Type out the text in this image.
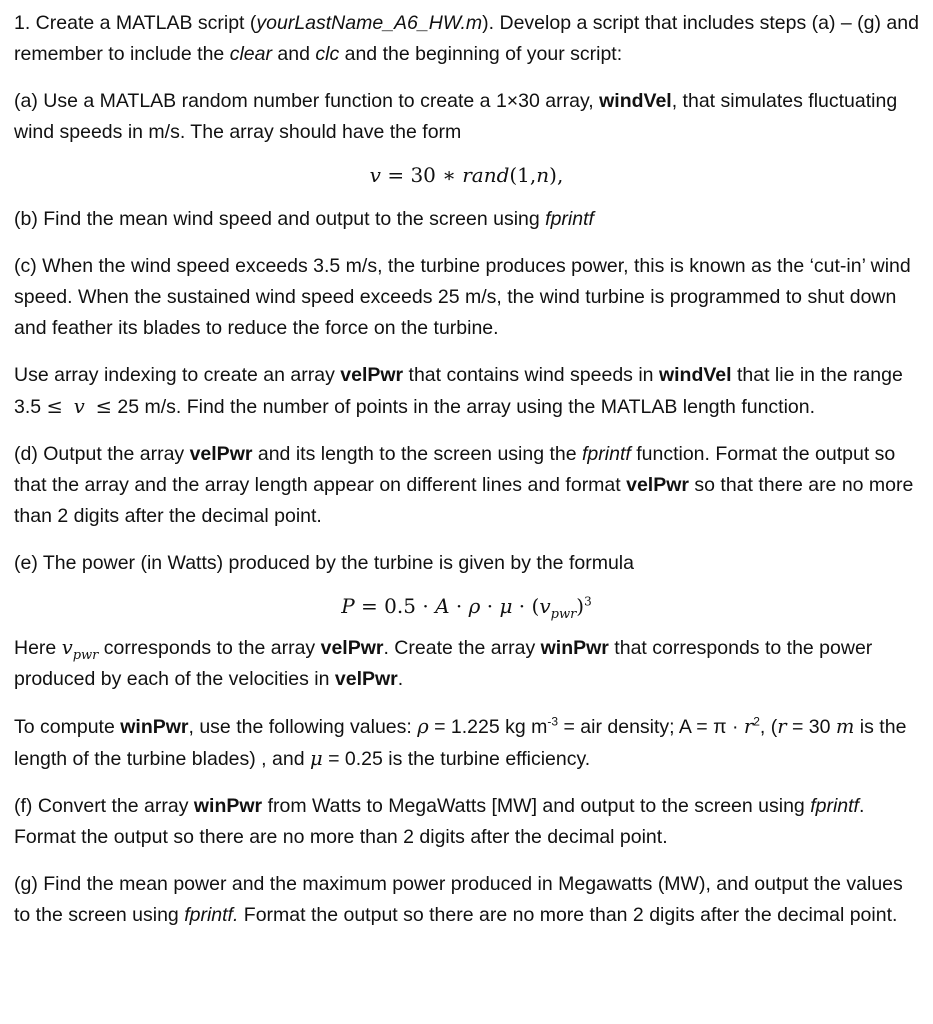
1. Create a MATLAB script (yourLastName_A6_HW.m). Develop a script that includes steps (a) – (g) and remember to include the clear and clc and the beginning of your script:

(a) Use a MATLAB random number function to create a 1×30 array, windVel, that simulates fluctuating wind speeds in m/s. The array should have the form

v = 30 ∗ rand(1,n),

(b) Find the mean wind speed and output to the screen using fprintf

(c) When the wind speed exceeds 3.5 m/s, the turbine produces power, this is known as the ‘cut-in’ wind speed. When the sustained wind speed exceeds 25 m/s, the wind turbine is programmed to shut down and feather its blades to reduce the force on the turbine.

Use array indexing to create an array velPwr that contains wind speeds in windVel that lie in the range 3.5 ≤ v ≤ 25 m/s. Find the number of points in the array using the MATLAB length function.

(d) Output the array velPwr and its length to the screen using the fprintf function. Format the output so that the array and the array length appear on different lines and format velPwr so that there are no more than 2 digits after the decimal point.

(e) The power (in Watts) produced by the turbine is given by the formula

$P = 0.5 \cdot A \cdot \rho \cdot \mu \cdot (v_{pwr})^3$

Here $v_{pwr}$ corresponds to the array velPwr. Create the array winPwr that corresponds to the power produced by each of the velocities in velPwr.

To compute winPwr, use the following values: ρ = 1.225 kg $m^{-3}$ = air density; $A = \pi \cdot r^2$, (r = 30 m is the length of the turbine blades) , and μ = 0.25 is the turbine efficiency.

(f) Convert the array winPwr from Watts to MegaWatts [MW] and output to the screen using fprintf. Format the output so there are no more than 2 digits after the decimal point.

(g) Find the mean power and the maximum power produced in Megawatts (MW), and output the values to the screen using fprintf. Format the output so there are no more than 2 digits after the decimal point.
